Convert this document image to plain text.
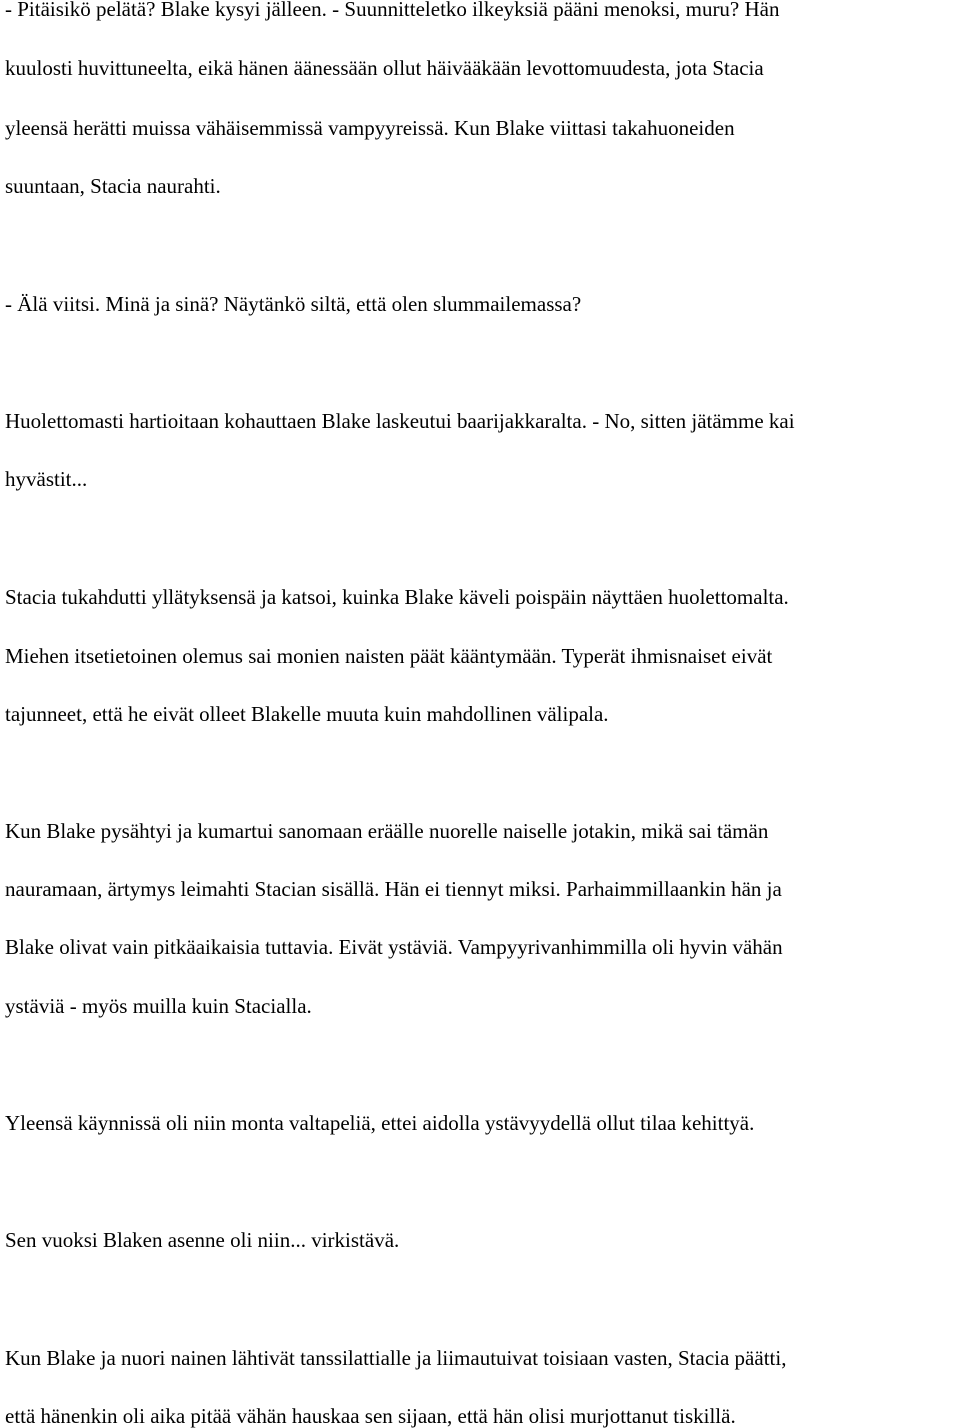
- Pitäisikö pelätä? Blake kysyi jälleen. - Suunnitteletko ilkeyksiä pääni menoksi, muru? Hän
kuulosti huvittuneelta, eikä hänen äänessään ollut häivääkään levottomuudesta, jota Stacia
yleensä herätti muissa vähäisemmissä vampyyreissä. Kun Blake viittasi takahuoneiden
suuntaan, Stacia naurahti.
- Älä viitsi. Minä ja sinä? Näytänkö siltä, että olen slummailemassa?
Huolettomasti hartioitaan kohauttaen Blake laskeutui baarijakkaralta. - No, sitten jätämme kai
hyvästit...
Stacia tukahdutti yllätyksensä ja katsoi, kuinka Blake käveli poispäin näyttäen huolettomalta.
Miehen itsetietoinen olemus sai monien naisten päät kääntymään. Typerät ihmisnaiset eivät
tajunneet, että he eivät olleet Blakelle muuta kuin mahdollinen välipala.
Kun Blake pysähtyi ja kumartui sanomaan eräälle nuorelle naiselle jotakin, mikä sai tämän
nauramaan, ärtymys leimahti Stacian sisällä. Hän ei tiennyt miksi. Parhaimmillaankin hän ja
Blake olivat vain pitkäaikaisia tuttavia. Eivät ystäviä. Vampyyrivanhimmilla oli hyvin vähän
ystäviä - myös muilla kuin Stacialla.
Yleensä käynnissä oli niin monta valtapeliä, ettei aidolla ystävyydellä ollut tilaa kehittyä.
Sen vuoksi Blaken asenne oli niin... virkistävä.
Kun Blake ja nuori nainen lähtivät tanssilattialle ja liimautuivat toisiaan vasten, Stacia päätti,
että hänenkin oli aika pitää vähän hauskaa sen sijaan, että hän olisi murjottanut tiskillä.
